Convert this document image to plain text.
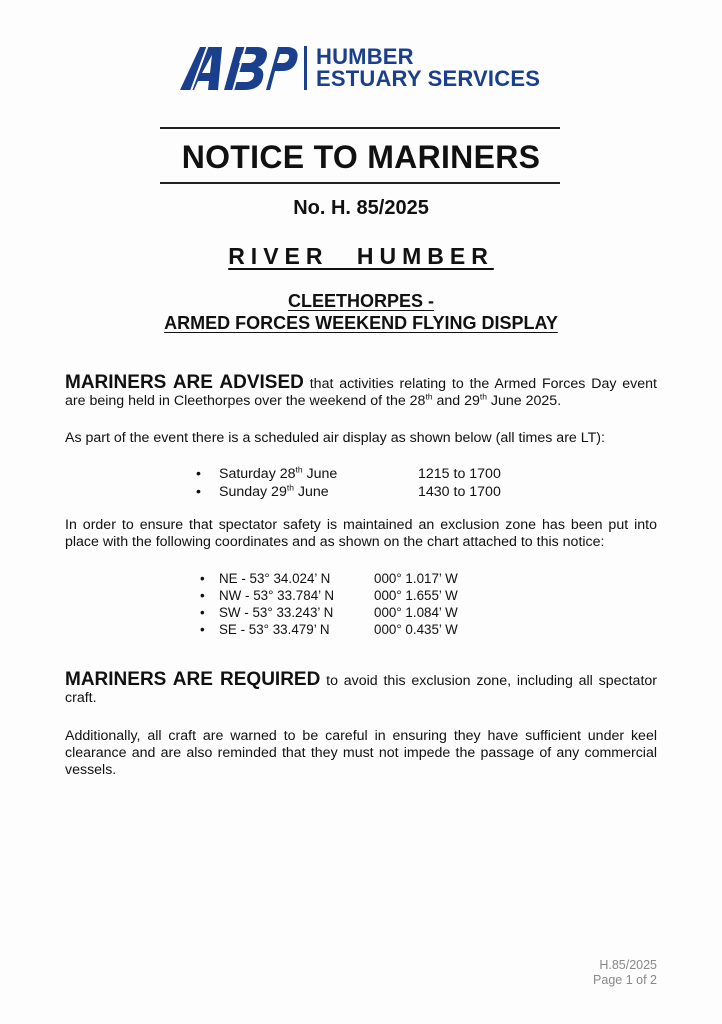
HUMBER
ESTUARY SERVICES
NOTICE TO MARINERS
No. H. 85/2025
RIVER HUMBER
CLEETHORPES -
ARMED FORCES WEEKEND FLYING DISPLAY
MARINERS ARE ADVISED that activities relating to the Armed Forces Day event are being held in Cleethorpes over the weekend of the 28th and 29th June 2025.
As part of the event there is a scheduled air display as shown below (all times are LT):
• Saturday 28th June	1215 to 1700
• Sunday 29th June	1430 to 1700
In order to ensure that spectator safety is maintained an exclusion zone has been put into place with the following coordinates and as shown on the chart attached to this notice:
• NE - 53° 34.024’ N	000° 1.017’ W
• NW - 53° 33.784’ N	000° 1.655’ W
• SW - 53° 33.243’ N	000° 1.084’ W
• SE - 53° 33.479’ N	000° 0.435’ W
MARINERS ARE REQUIRED to avoid this exclusion zone, including all spectator craft.
Additionally, all craft are warned to be careful in ensuring they have sufficient under keel clearance and are also reminded that they must not impede the passage of any commercial vessels.
H.85/2025
Page 1 of 2
